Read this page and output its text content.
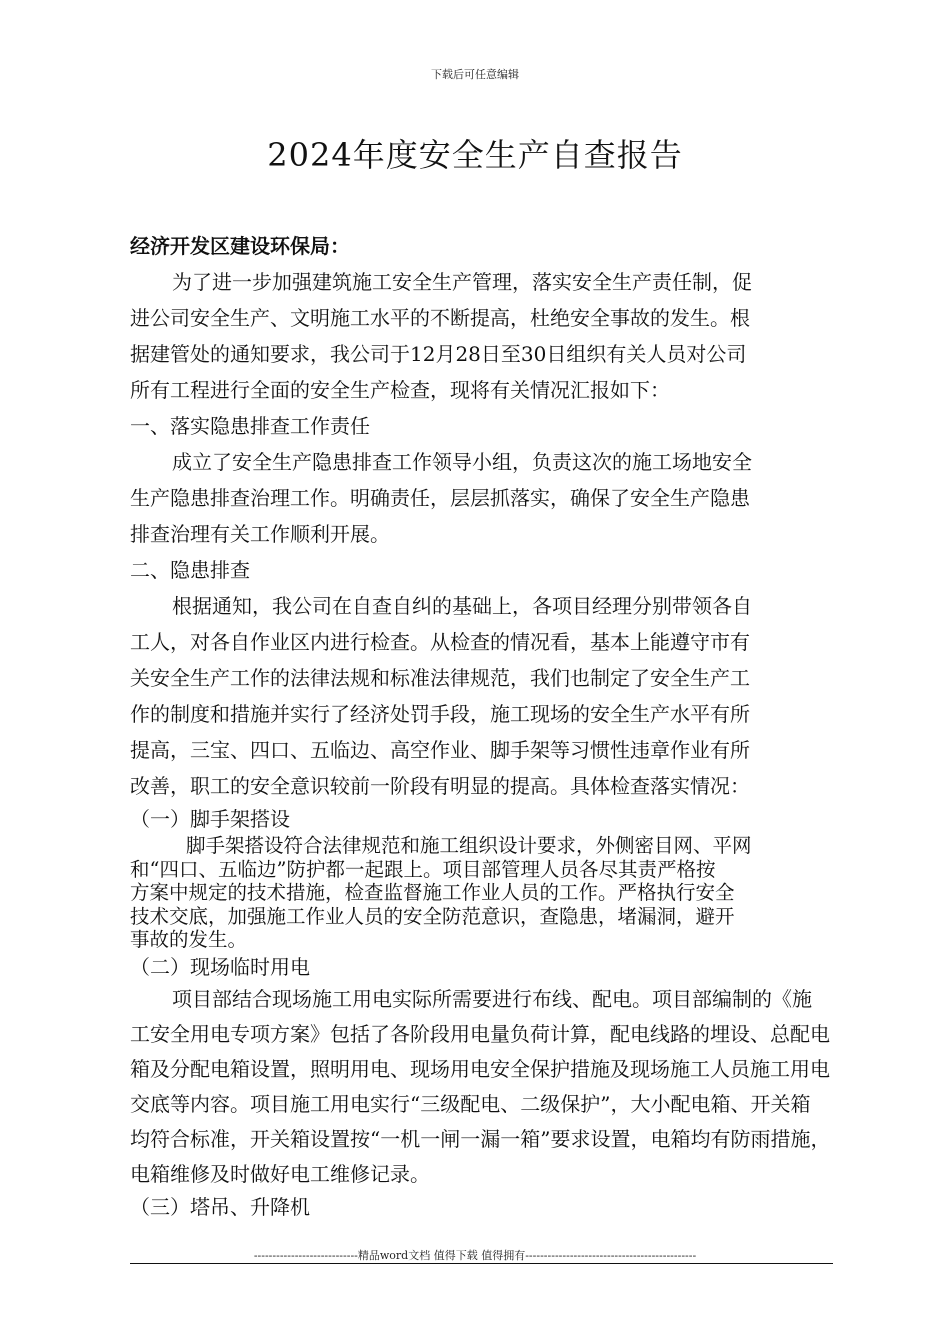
下载后可任意编辑
2024年度安全生产自查报告
经济开发区建设环保局：
为了进一步加强建筑施工安全生产管理，落实安全生产责任制，促
进公司安全生产、文明施工水平的不断提高，杜绝安全事故的发生。根
据建管处的通知要求，我公司于12月28日至30日组织有关人员对公司
所有工程进行全面的安全生产检查，现将有关情况汇报如下：
一、落实隐患排查工作责任
成立了安全生产隐患排查工作领导小组，负责这次的施工场地安全
生产隐患排查治理工作。明确责任，层层抓落实，确保了安全生产隐患
排查治理有关工作顺利开展。
二、隐患排查
根据通知，我公司在自查自纠的基础上，各项目经理分别带领各自
工人，对各自作业区内进行检查。从检查的情况看，基本上能遵守市有
关安全生产工作的法律法规和标准法律规范，我们也制定了安全生产工
作的制度和措施并实行了经济处罚手段，施工现场的安全生产水平有所
提高，三宝、四口、五临边、高空作业、脚手架等习惯性违章作业有所
改善，职工的安全意识较前一阶段有明显的提高。具体检查落实情况：
（一）脚手架搭设
脚手架搭设符合法律规范和施工组织设计要求，外侧密目网、平网
和“四口、五临边”防护都一起跟上。项目部管理人员各尽其责严格按
方案中规定的技术措施，检查监督施工作业人员的工作。严格执行安全
技术交底，加强施工作业人员的安全防范意识，查隐患，堵漏洞，避开
事故的发生。
（二）现场临时用电
项目部结合现场施工用电实际所需要进行布线、配电。项目部编制的《施
工安全用电专项方案》包括了各阶段用电量负荷计算，配电线路的埋设、总配电
箱及分配电箱设置，照明用电、现场用电安全保护措施及现场施工人员施工用电
交底等内容。项目施工用电实行“三级配电、二级保护”，大小配电箱、开关箱
均符合标准，开关箱设置按“一机一闸一漏一箱”要求设置，电箱均有防雨措施，
电箱维修及时做好电工维修记录。
（三）塔吊、升降机
----------------------------精品word文档 值得下载 值得拥有----------------------------------------------
